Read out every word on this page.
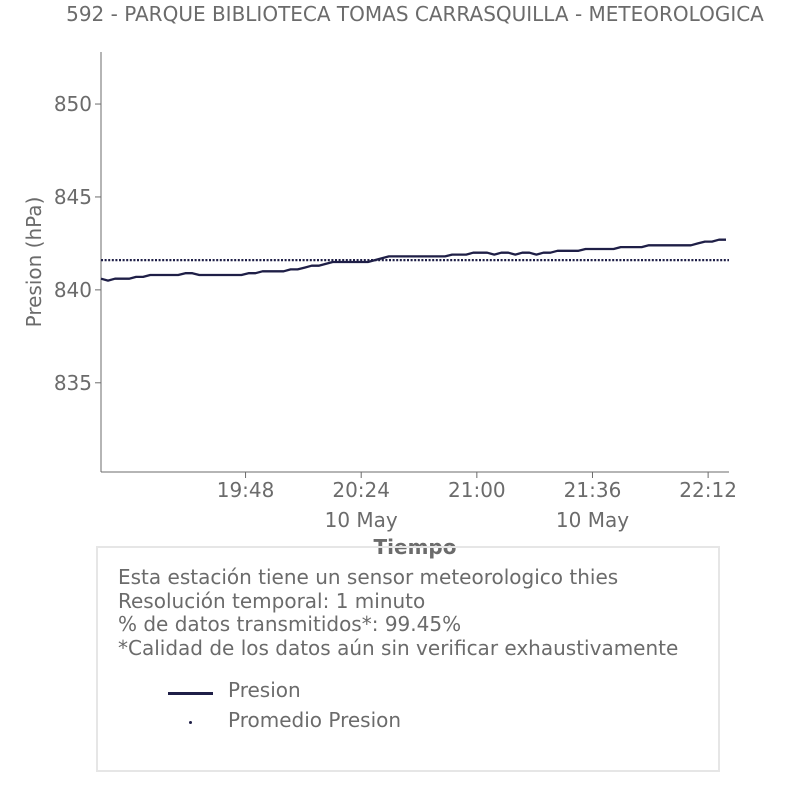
592 - PARQUE BIBLIOTECA TOMAS CARRASQUILLA - METEOROLOGICA
850
845
840
835
19:48	20:24
10 May
21:00	21:36
10 May
22:12
Presion (hPa)
Tiempo
Esta estación tiene un sensor meteorologico thies
Resolución temporal: 1 minuto
% de datos transmitidos*: 99.45%
*Calidad de los datos aún sin verificar exhaustivamente
Presion
Promedio Presion
